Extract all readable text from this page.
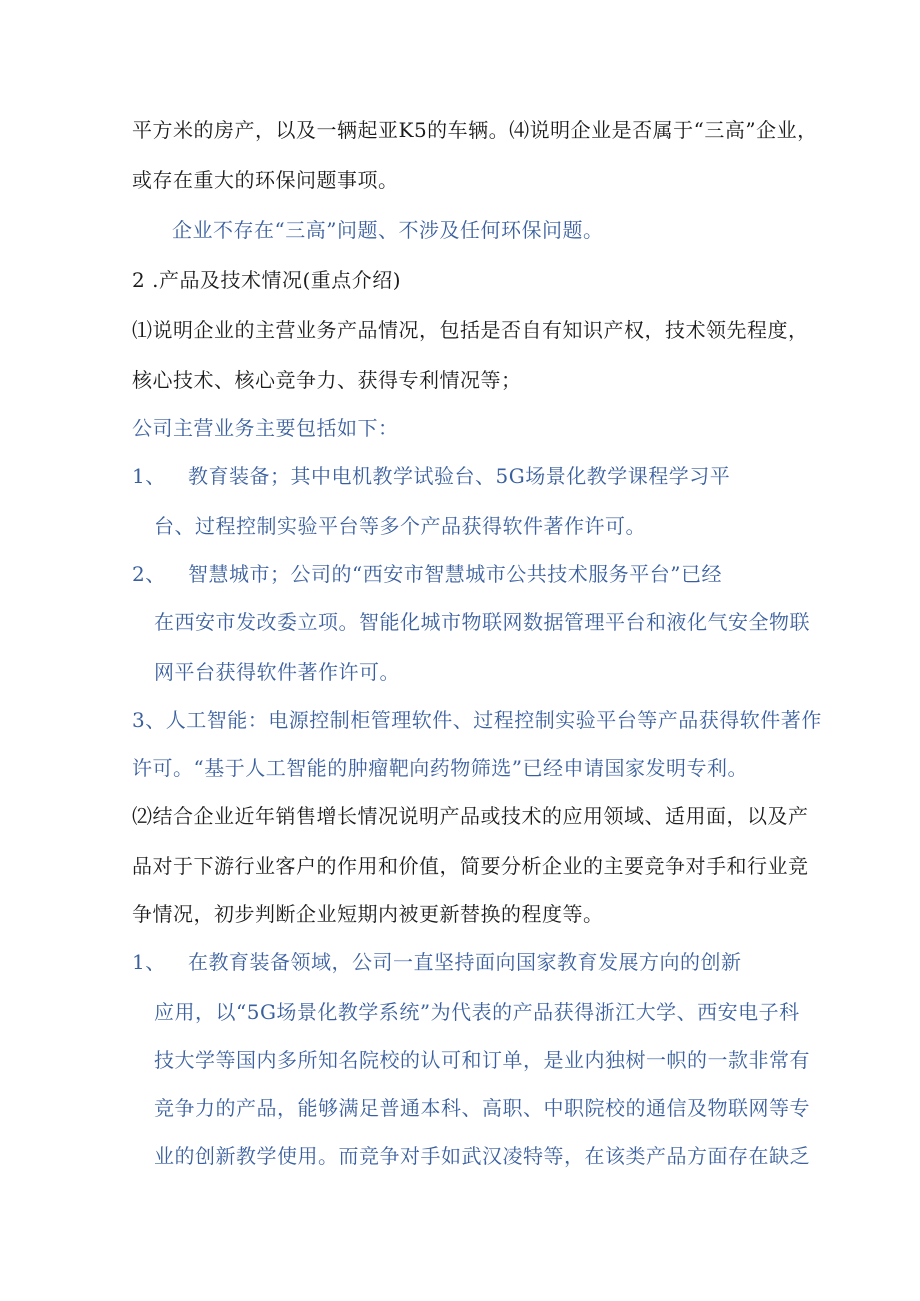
平方米的房产，以及一辆起亚K5的车辆。⑷说明企业是否属于“三高”企业，
或存在重大的环保问题事项。
企业不存在“三高”问题、不涉及任何环保问题。
2 .产品及技术情况(重点介绍)
⑴说明企业的主营业务产品情况，包括是否自有知识产权，技术领先程度，
核心技术、核心竞争力、获得专利情况等；
公司主营业务主要包括如下：
1、 教育装备；其中电机教学试验台、5G场景化教学课程学习平
台、过程控制实验平台等多个产品获得软件著作许可。
2、 智慧城市；公司的“西安市智慧城市公共技术服务平台”已经
在西安市发改委立项。智能化城市物联网数据管理平台和液化气安全物联
网平台获得软件著作许可。
3、人工智能：电源控制柜管理软件、过程控制实验平台等产品获得软件著作
许可。“基于人工智能的肿瘤靶向药物筛选”已经申请国家发明专利。
⑵结合企业近年销售增长情况说明产品或技术的应用领域、适用面，以及产
品对于下游行业客户的作用和价值，简要分析企业的主要竞争对手和行业竞
争情况，初步判断企业短期内被更新替换的程度等。
1、 在教育装备领域，公司一直坚持面向国家教育发展方向的创新
应用，以“5G场景化教学系统”为代表的产品获得浙江大学、西安电子科
技大学等国内多所知名院校的认可和订单，是业内独树一帜的一款非常有
竞争力的产品，能够满足普通本科、高职、中职院校的通信及物联网等专
业的创新教学使用。而竞争对手如武汉凌特等，在该类产品方面存在缺乏
